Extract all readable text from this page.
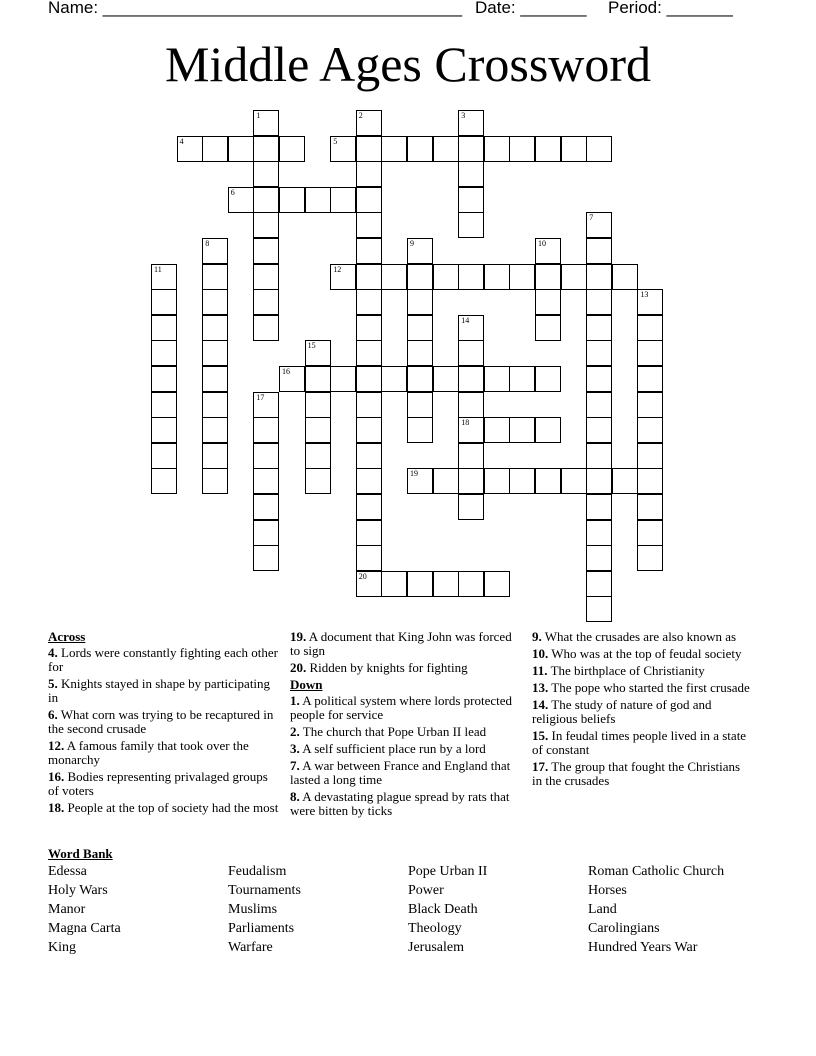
Name: ______________________________________ Date: _______ Period: _______
Middle Ages Crossword
1	2
20
3
4	5
6
7
8	9	10
11	12
13
14
18
15
16
17
19
Across
4. Lords were constantly fighting each other for
5. Knights stayed in shape by participating in
6. What corn was trying to be recaptured in the second crusade
12. A famous family that took over the monarchy
16. Bodies representing privalaged groups of voters
18. People at the top of society had the most
19. A document that King John was forced to sign
20. Ridden by knights for fighting
Down
1. A political system where lords protected people for service
2. The church that Pope Urban II lead
3. A self sufficient place run by a lord
7. A war between France and England that lasted a long time
8. A devastating plague spread by rats that were bitten by ticks
9. What the crusades are also known as
10. Who was at the top of feudal society
11. The birthplace of Christianity
13. The pope who started the first crusade
14. The study of nature of god and religious beliefs
15. In feudal times people lived in a state of constant
17. The group that fought the Christians in the crusades
Word Bank
Edessa
Holy Wars
Manor
Magna Carta
King
Feudalism
Tournaments
Muslims
Parliaments
Warfare
Pope Urban II
Power
Black Death
Theology
Jerusalem
Roman Catholic Church
Horses
Land
Carolingians
Hundred Years War
